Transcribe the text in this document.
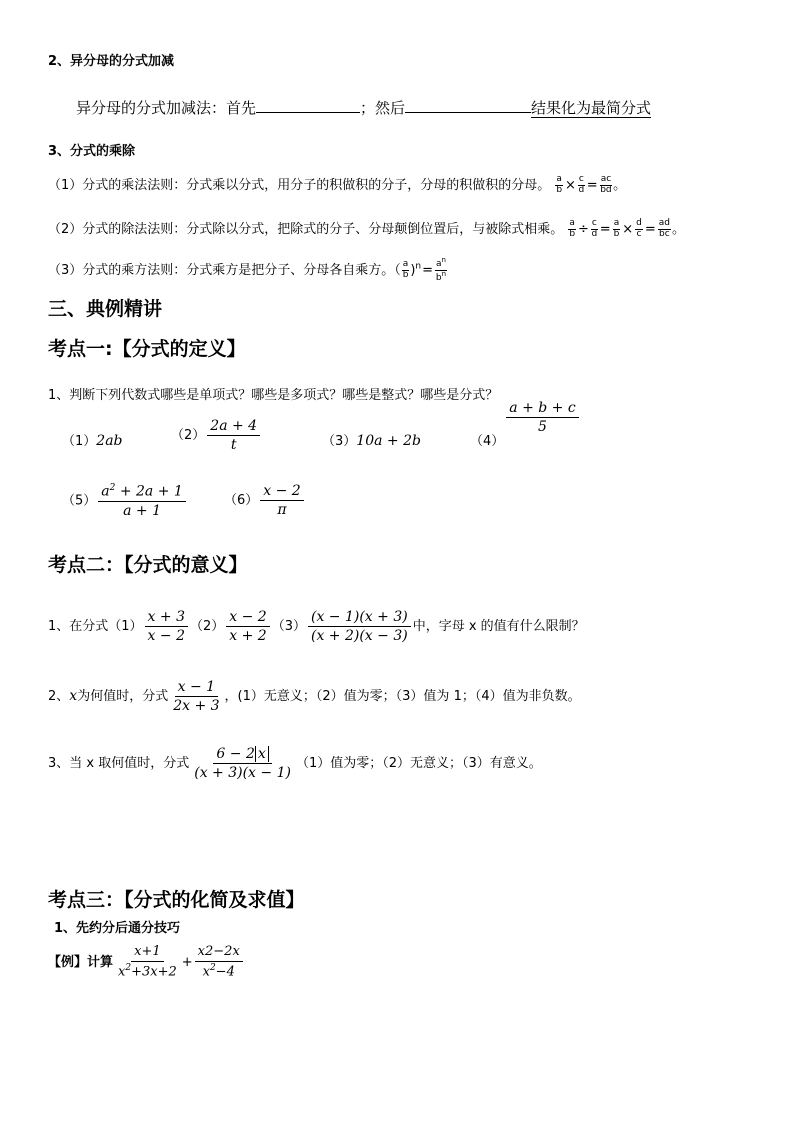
2、异分母的分式加减
异分母的分式加减法：首先	；然后	结果化为最简分式
3、分式的乘除
（1）分式的乘法法则：分式乘以分式，用分子的积做积的分子，分母的积做积的分母。 $\frac{a}{b} \times \frac{c}{d} = \frac{ac}{bd}$ 。
（2）分式的除法法则：分式除以分式，把除式的分子、分母颠倒位置后，与被除式相乘。 $\frac{a}{b} \div \frac{c}{d} = \frac{a}{b} \times \frac{d}{c} = \frac{ad}{bc}$ 。
（3）分式的乘方法则：分式乘方是把分子、分母各自乘方。（ $\frac{a}{b} )^n= \frac{a^n}{b^n}$
三、典例精讲
考点一:【分式的定义】
1、判断下列代数式哪些是单项式？哪些是多项式？哪些是整式？哪些是分式？
（1）2ab	$(2) \frac{2a + 4}{t}$	（3）10a + 2b	（4）
$\frac{a + b + c}{5}$
$(5) \frac{a^2 + 2a + 1}{a + 1}$	$(6) \frac{x - 2}{\pi}$
考点二：【分式的意义】
1、在分式$(1) \frac{x + 3}{x - 2} (2) \frac{x - 2}{x + 2} (3) \frac{(x - 1)(x + 3)}{(x + 2)(x - 3)}$ 中，字母 x 的值有什么限制？
2、x为何值时，分式 $\frac{x - 1}{2x + 3}$ ，(1）无意义；（2）值为零；（3）值为 1；（4）值为非负数。
3、当 x 取何值时，分式 $\frac{6 - 2 x}{(x + 3)(x - 1)} (1)$值为零；（2）无意义；（3）有意义。
考点三：【分式的化简及求值】
1、先约分后通分技巧
【例】计算 $\frac{x+1}{x^2+3x+2} + \frac{x2-2x}{x^2-4}$
